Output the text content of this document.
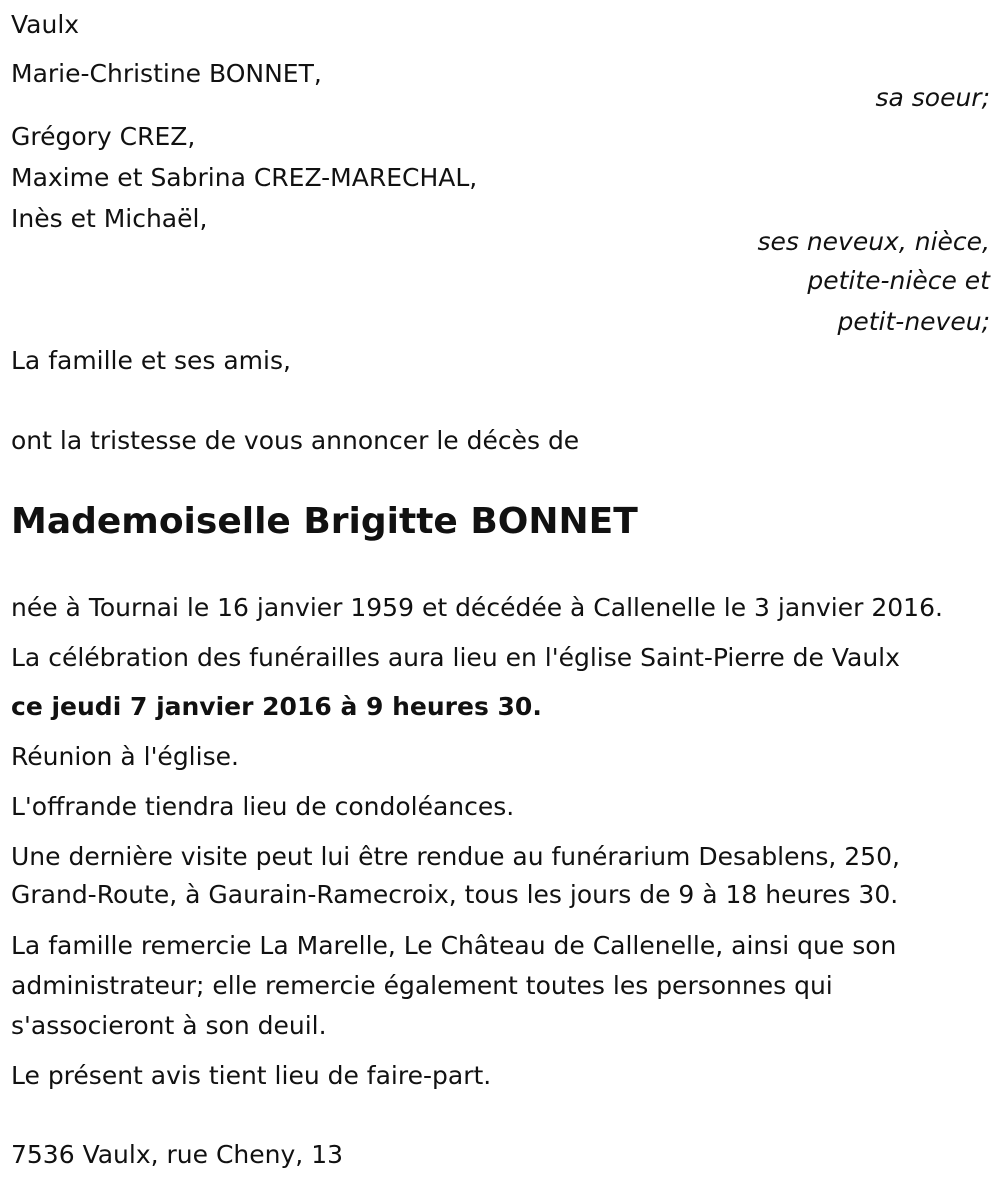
Vaulx
Marie-Christine BONNET,
sa soeur;
Grégory CREZ,
Maxime et Sabrina CREZ-MARECHAL,
Inès et Michaël,
ses neveux, nièce,
petite-nièce et
petit-neveu;
La famille et ses amis,
ont la tristesse de vous annoncer le décès de
Mademoiselle Brigitte BONNET
née à Tournai le 16 janvier 1959 et décédée à Callenelle le 3 janvier 2016.
La célébration des funérailles aura lieu en l'église Saint-Pierre de Vaulx
ce jeudi 7 janvier 2016 à 9 heures 30.
Réunion à l'église.
L'offrande tiendra lieu de condoléances.
Une dernière visite peut lui être rendue au funérarium Desablens, 250,
Grand-Route, à Gaurain-Ramecroix, tous les jours de 9 à 18 heures 30.
La famille remercie La Marelle, Le Château de Callenelle, ainsi que son
administrateur; elle remercie également toutes les personnes qui
s'associeront à son deuil.
Le présent avis tient lieu de faire-part.
7536 Vaulx, rue Cheny, 13
